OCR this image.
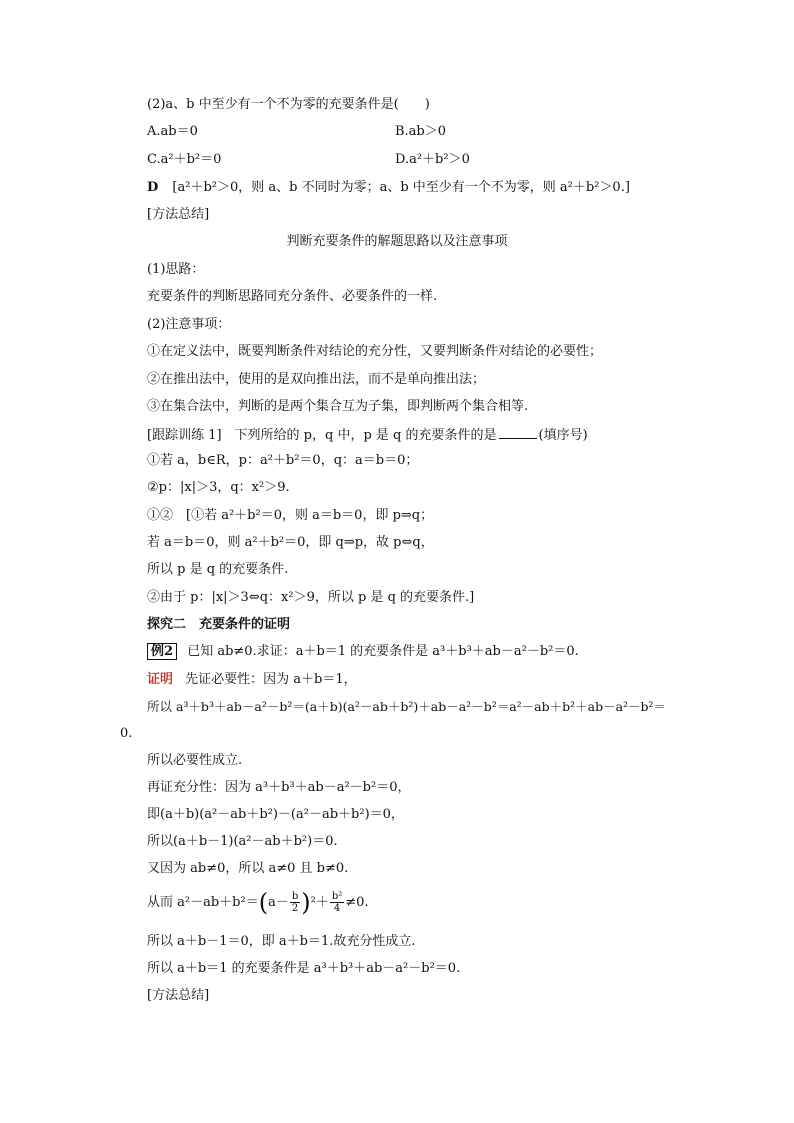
(2)a、b 中至少有一个不为零的充要条件是(　　)
A.ab＝0	B.ab＞0
C.a²＋b²＝0	D.a²＋b²＞0
D [a²＋b²＞0，则 a、b 不同时为零；a、b 中至少有一个不为零，则 a²＋b²＞0.]
[方法总结]
判断充要条件的解题思路以及注意事项
(1)思路：
充要条件的判断思路同充分条件、必要条件的一样.
(2)注意事项：
①在定义法中，既要判断条件对结论的充分性，又要判断条件对结论的必要性；
②在推出法中，使用的是双向推出法，而不是单向推出法；
③在集合法中，判断的是两个集合互为子集，即判断两个集合相等.
[跟踪训练 1]　下列所给的 p，q 中，p 是 q 的充要条件的是	(填序号)
①若 a，b∈R，p：a²＋b²＝0，q：a＝b＝0；
②p：|x|＞3，q：x²＞9.
①②　[①若 a²＋b²＝0，则 a＝b＝0，即 p⇒q；
若 a＝b＝0，则 a²＋b²＝0，即 q⇒p，故 p⇔q，
所以 p 是 q 的充要条件.
②由于 p：|x|＞3⇔q：x²＞9，所以 p 是 q 的充要条件.]
探究二　充要条件的证明
例2 已知 ab≠0.求证：a＋b＝1 的充要条件是 a³＋b³＋ab－a²－b²＝0.
证明 先证必要性：因为 a＋b＝1，
所以 a³＋b³＋ab－a²－b²＝(a＋b)(a²－ab＋b²)＋ab－a²－b²＝a²－ab＋b²＋ab－a²－b²＝
0.
所以必要性成立.
再证充分性：因为 a³＋b³＋ab－a²－b²＝0，
即(a＋b)(a²－ab＋b²)－(a²－ab＋b²)＝0，
所以(a＋b－1)(a²－ab＋b²)＝0.
又因为 ab≠0，所以 a≠0 且 b≠0.
从而 $a^2-ab+b^2=(a- \frac{b}{2} )^2+ \frac{\text{b²}}{4} \ne 0$.
所以 a＋b－1＝0，即 a＋b＝1.故充分性成立.
所以 a＋b＝1 的充要条件是 a³＋b³＋ab－a²－b²＝0.
[方法总结]
